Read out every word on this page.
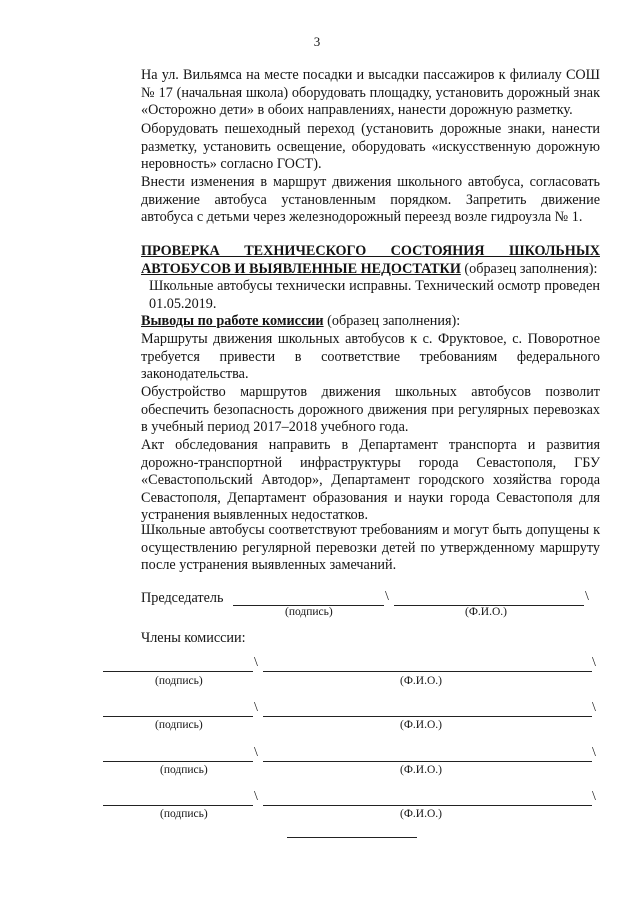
3
На ул. Вильямса на месте посадки и высадки пассажиров к филиалу СОШ № 17 (начальная школа) оборудовать площадку, установить дорожный знак «Осторожно дети» в обоих направлениях, нанести дорожную разметку.
Оборудовать пешеходный переход (установить дорожные знаки, нанести разметку, установить освещение, оборудовать «искусственную дорожную неровность» согласно ГОСТ).
Внести изменения в маршрут движения школьного автобуса, согласовать движение автобуса установленным порядком. Запретить движение автобуса с детьми через железнодорожный переезд возле гидроузла № 1.
ПРОВЕРКА ТЕХНИЧЕСКОГО СОСТОЯНИЯ ШКОЛЬНЫХ АВТОБУСОВ И ВЫЯВЛЕННЫЕ НЕДОСТАТКИ (образец заполнения):
Школьные автобусы технически исправны. Технический осмотр проведен 01.05.2019.
Выводы по работе комиссии (образец заполнения):
Маршруты движения школьных автобусов к с. Фруктовое, с. Поворотное требуется привести в соответствие требованиям федерального законодательства.
Обустройство маршрутов движения школьных автобусов позволит обеспечить безопасность дорожного движения при регулярных перевозках в учебный период 2017–2018 учебного года.
Акт обследования направить в Департамент транспорта и развития дорожно-транспортной инфраструктуры города Севастополя, ГБУ «Севастопольский Автодор», Департамент городского хозяйства города Севастополя, Департамент образования и науки города Севастополя для устранения выявленных недостатков.
Школьные автобусы соответствуют требованиям и могут быть допущены к осуществлению регулярной перевозки детей по утвержденному маршруту после устранения выявленных замечаний.
Председатель	\	\
(подпись)	(Ф.И.О.)
Члены комиссии:
\	\
(подпись)	(Ф.И.О.)
\	\
(подпись)	(Ф.И.О.)
\	\
(подпись)	(Ф.И.О.)
\	\
(подпись)	(Ф.И.О.)
